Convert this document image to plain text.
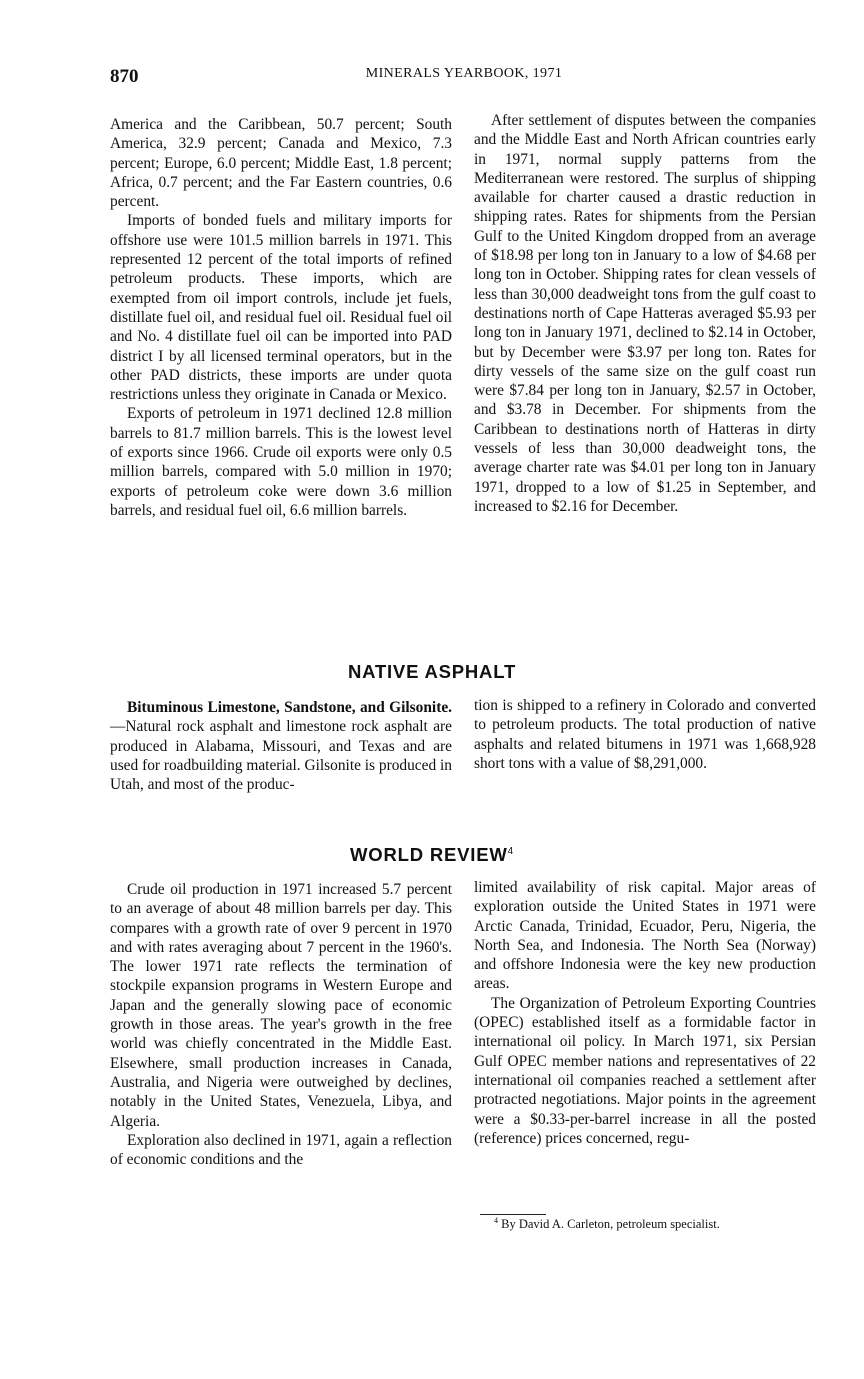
870	MINERALS YEARBOOK, 1971

America and the Caribbean, 50.7 percent; South America, 32.9 percent; Canada and Mexico, 7.3 percent; Europe, 6.0 percent; Middle East, 1.8 percent; Africa, 0.7 percent; and the Far Eastern countries, 0.6 percent.

Imports of bonded fuels and military imports for offshore use were 101.5 million barrels in 1971. This represented 12 percent of the total imports of refined petroleum products. These imports, which are exempted from oil import controls, include jet fuels, distillate fuel oil, and residual fuel oil. Residual fuel oil and No. 4 distillate fuel oil can be imported into PAD district I by all licensed terminal operators, but in the other PAD districts, these imports are under quota restrictions unless they originate in Canada or Mexico.

Exports of petroleum in 1971 declined 12.8 million barrels to 81.7 million barrels. This is the lowest level of exports since 1966. Crude oil exports were only 0.5 million barrels, compared with 5.0 million in 1970; exports of petroleum coke were down 3.6 million barrels, and residual fuel oil, 6.6 million barrels.

After settlement of disputes between the companies and the Middle East and North African countries early in 1971, normal supply patterns from the Mediterranean were restored. The surplus of shipping available for charter caused a drastic reduction in shipping rates. Rates for shipments from the Persian Gulf to the United Kingdom dropped from an average of $18.98 per long ton in January to a low of $4.68 per long ton in October. Shipping rates for clean vessels of less than 30,000 deadweight tons from the gulf coast to destinations north of Cape Hatteras averaged $5.93 per long ton in January 1971, declined to $2.14 in October, but by December were $3.97 per long ton. Rates for dirty vessels of the same size on the gulf coast run were $7.84 per long ton in January, $2.57 in October, and $3.78 in December. For shipments from the Caribbean to destinations north of Hatteras in dirty vessels of less than 30,000 deadweight tons, the average charter rate was $4.01 per long ton in January 1971, dropped to a low of $1.25 in September, and increased to $2.16 for December.

NATIVE ASPHALT

Bituminous Limestone, Sandstone, and Gilsonite.—Natural rock asphalt and limestone rock asphalt are produced in Alabama, Missouri, and Texas and are used for roadbuilding material. Gilsonite is produced in Utah, and most of the produc-

tion is shipped to a refinery in Colorado and converted to petroleum products. The total production of native asphalts and related bitumens in 1971 was 1,668,928 short tons with a value of $8,291,000.

WORLD REVIEW$^4$

Crude oil production in 1971 increased 5.7 percent to an average of about 48 million barrels per day. This compares with a growth rate of over 9 percent in 1970 and with rates averaging about 7 percent in the 1960's. The lower 1971 rate reflects the termination of stockpile expansion programs in Western Europe and Japan and the generally slowing pace of economic growth in those areas. The year's growth in the free world was chiefly concentrated in the Middle East. Elsewhere, small production increases in Canada, Australia, and Nigeria were outweighed by declines, notably in the United States, Venezuela, Libya, and Algeria.

Exploration also declined in 1971, again a reflection of economic conditions and the

limited availability of risk capital. Major areas of exploration outside the United States in 1971 were Arctic Canada, Trinidad, Ecuador, Peru, Nigeria, the North Sea, and Indonesia. The North Sea (Norway) and offshore Indonesia were the key new production areas.

The Organization of Petroleum Exporting Countries (OPEC) established itself as a formidable factor in international oil policy. In March 1971, six Persian Gulf OPEC member nations and representatives of 22 international oil companies reached a settlement after protracted negotiations. Major points in the agreement were a $0.33-per-barrel increase in all the posted (reference) prices concerned, regu-

$^4$ By David A. Carleton, petroleum specialist.
